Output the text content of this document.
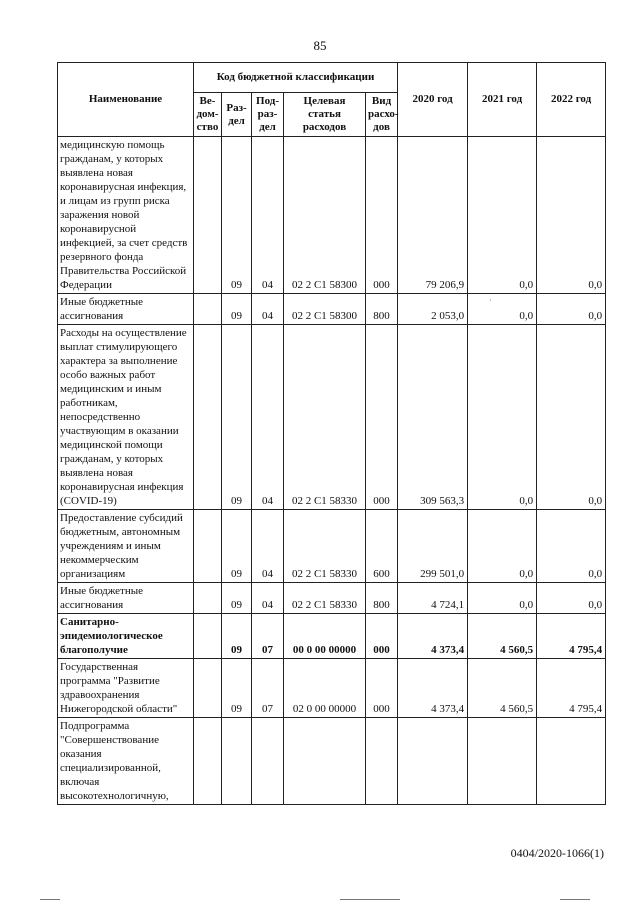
85
·
Наименование	Код бюджетной классификации					2020 год	2021 год	2022 год
	Ве-дом-ство	Раз-дел	Под-раз-дел	Целевая статья расходов	Вид расхо-дов			
медицинскую помощь гражданам, у которых выявлена новая коронавирусная инфекция, и лицам из групп риска заражения новой коронавирусной инфекцией, за счет средств резервного фонда Правительства Российской Федерации		09	04	02 2 C1 58300	000	79 206,9	0,0	0,0
Иные бюджетные ассигнования		09	04	02 2 C1 58300	800	2 053,0	0,0	0,0
Расходы на осуществление выплат стимулирующего характера за выполнение особо важных работ медицинским и иным работникам, непосредственно участвующим в оказании медицинской помощи гражданам, у которых выявлена новая коронавирусная инфекция (COVID-19)		09	04	02 2 C1 58330	000	309 563,3	0,0	0,0
Предоставление субсидий бюджетным, автономным учреждениям и иным некоммерческим организациям		09	04	02 2 C1 58330	600	299 501,0	0,0	0,0
Иные бюджетные ассигнования		09	04	02 2 C1 58330	800	4 724,1	0,0	0,0
Санитарно-эпидемиологическое благополучие		09	07	00 0 00 00000	000	4 373,4	4 560,5	4 795,4
Государственная программа "Развитие здравоохранения Нижегородской области"		09	07	02 0 00 00000	000	4 373,4	4 560,5	4 795,4
Подпрограмма "Совершенствование оказания специализированной, включая высокотехнологичную,								
0404/2020-1066(1)
